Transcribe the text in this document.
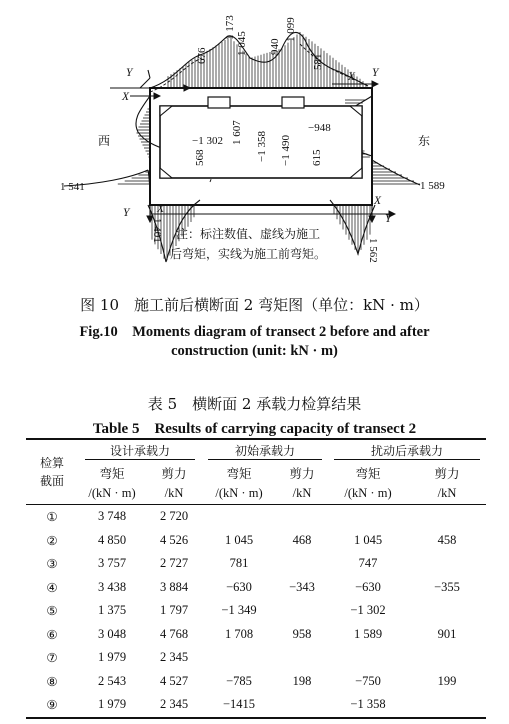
Y
X
Y
X
Y X
Y
X
西	东
676
1 173
1 045 940
1 099
581
1 607 −1 358 −1 490
568	615
1 401
1 562
−1 302
−948
1 541	1 589
注：标注数值、虚线为施工
后弯矩，实线为施工前弯矩。
图 10　施工前后横断面 2 弯矩图（单位：kN · m）
Fig.10　Moments diagram of transect 2 before and after
construction (unit: kN · m)
表 5　横断面 2 承载力检算结果
Table 5　Results of carrying capacity of transect 2
检算截面	设计承载力		初始承载力		扰动后承载力	
	弯矩	剪力	弯矩	剪力	弯矩	剪力
	/(kN · m)	/kN	/(kN · m)	/kN	/(kN · m)	/kN
①	3 748	2 720				
②	4 850	4 526	1 045	468	1 045	458
③	3 757	2 727	781		747	
④	3 438	3 884	−630	−343	−630	−355
⑤	1 375	1 797	−1 349		−1 302	
⑥	3 048	4 768	1 708	958	1 589	901
⑦	1 979	2 345				
⑧	2 543	4 527	−785	198	−750	199
⑨	1 979	2 345	−1415		−1 358	
